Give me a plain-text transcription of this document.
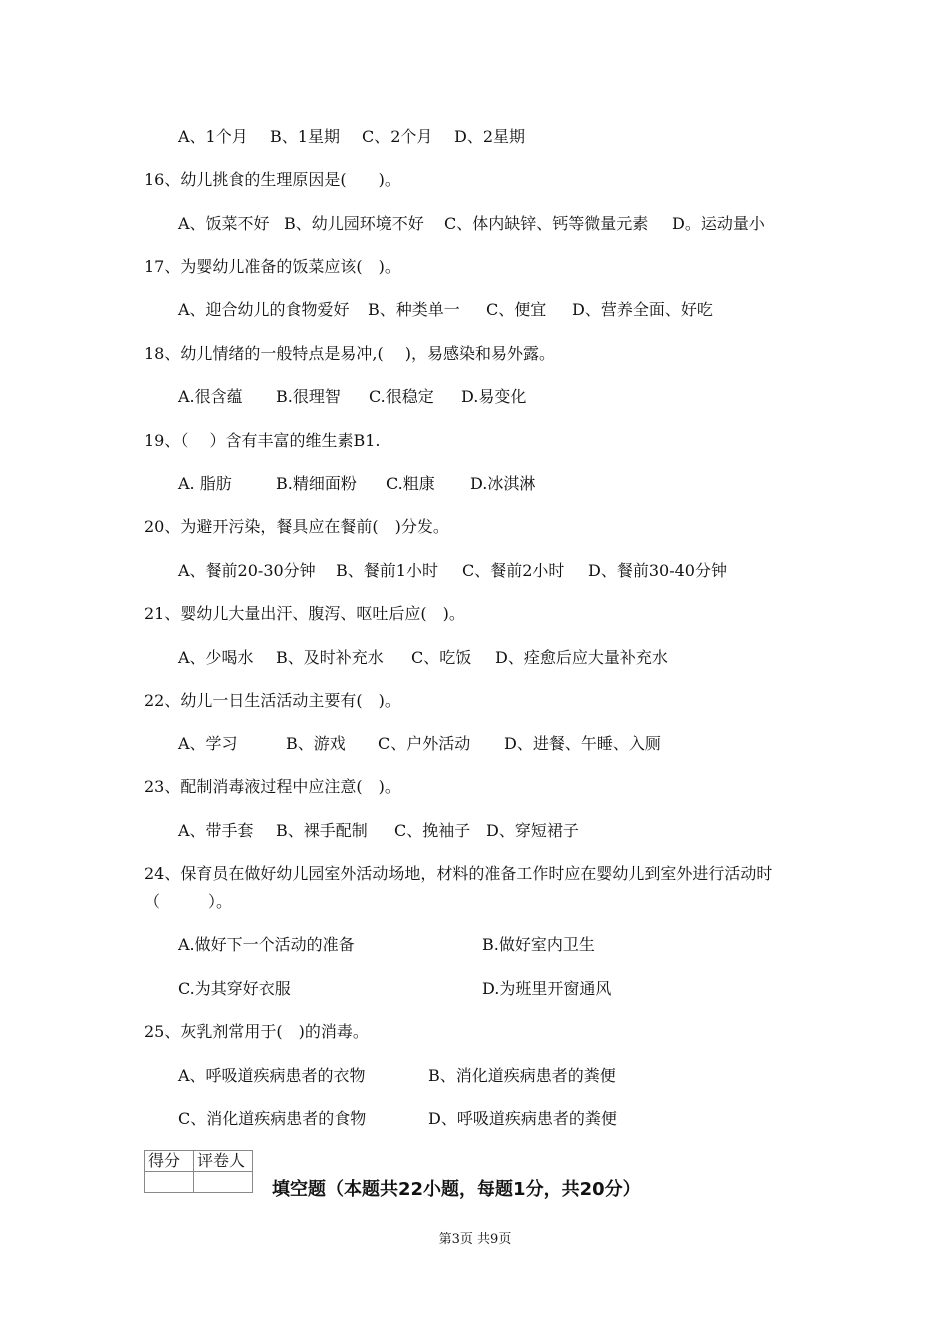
A、1个月 B、1星期 C、2个月 D、2星期
16、幼儿挑食的生理原因是(　　)。
A、饭菜不好 B、幼儿园环境不好 C、体内缺锌、钙等微量元素 D。运动量小
17、为婴幼儿准备的饭菜应该(　)。
A、迎合幼儿的食物爱好 B、种类单一 C、便宜 D、营养全面、好吃
18、幼儿情绪的一般特点是易冲,(　 )，易感染和易外露。
A.很含蕴 B.很理智 C.很稳定 D.易变化
19、（　 ）含有丰富的维生素B1.
A. 脂肪	B.精细面粉 C.粗康 D.冰淇淋
20、为避开污染，餐具应在餐前(　)分发。
A、餐前20-30分钟 B、餐前1小时 C、餐前2小时 D、餐前30-40分钟
21、婴幼儿大量出汗、腹泻、呕吐后应(　)。
A、少喝水 B、及时补充水 C、吃饭 D、痊愈后应大量补充水
22、幼儿一日生活活动主要有(　)。
A、学习	B、游戏 C、户外活动 D、进餐、午睡、入厕
23、配制消毒液过程中应注意(　)。
A、带手套 B、裸手配制 C、挽袖子 D、穿短裙子
24、保育员在做好幼儿园室外活动场地，材料的准备工作时应在婴幼儿到室外进行活动时
（　　　）。
A.做好下一个活动的准备	B.做好室内卫生
C.为其穿好衣服	D.为班里开窗通风
25、灰乳剂常用于(　)的消毒。
A、呼吸道疾病患者的衣物	B、消化道疾病患者的粪便
C、消化道疾病患者的食物	D、呼吸道疾病患者的粪便
得分	评卷人

填空题（本题共22小题，每题1分，共20分）
第3页 共9页
